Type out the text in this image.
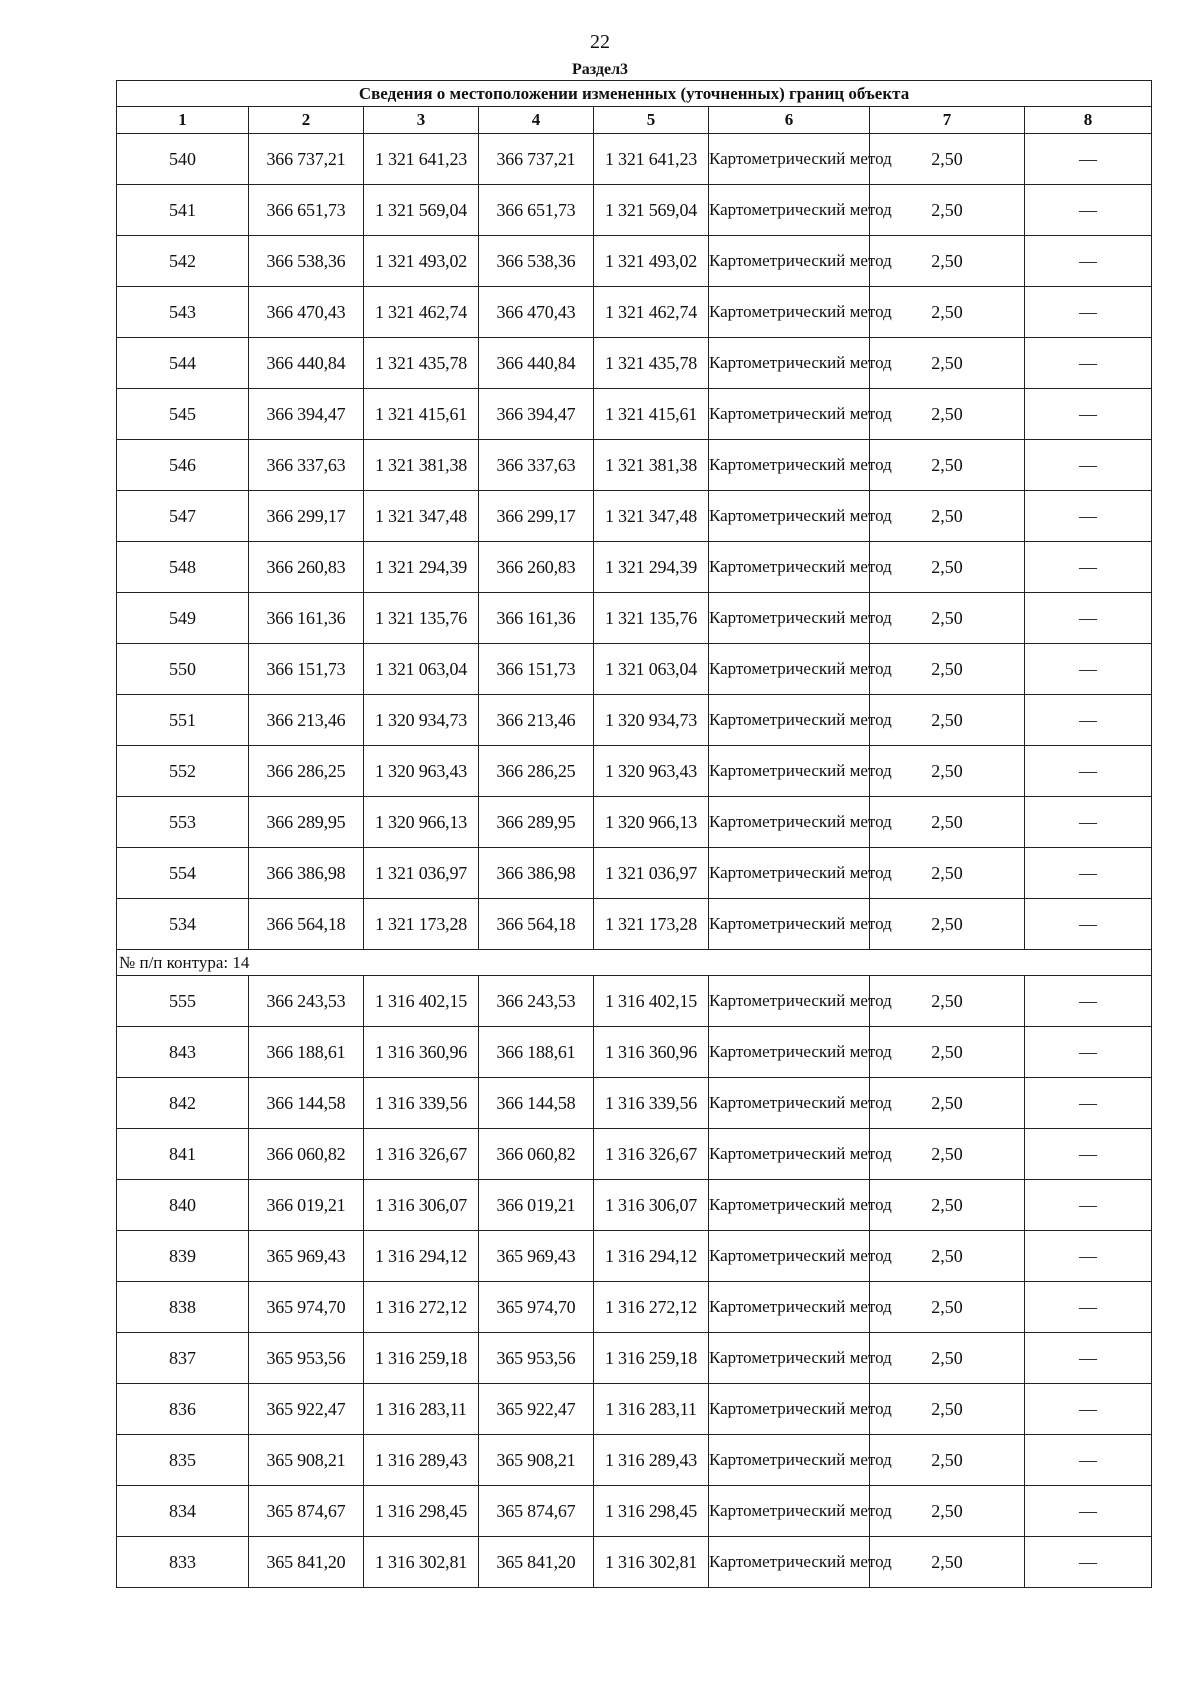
22
Раздел3
Сведения о местоположении измененных (уточненных) границ объекта							
1	2	3	4	5	6	7	8
540	366 737,21	1 321 641,23	366 737,21	1 321 641,23	Картометрический метод	2,50	—
541	366 651,73	1 321 569,04	366 651,73	1 321 569,04	Картометрический метод	2,50	—
542	366 538,36	1 321 493,02	366 538,36	1 321 493,02	Картометрический метод	2,50	—
543	366 470,43	1 321 462,74	366 470,43	1 321 462,74	Картометрический метод	2,50	—
544	366 440,84	1 321 435,78	366 440,84	1 321 435,78	Картометрический метод	2,50	—
545	366 394,47	1 321 415,61	366 394,47	1 321 415,61	Картометрический метод	2,50	—
546	366 337,63	1 321 381,38	366 337,63	1 321 381,38	Картометрический метод	2,50	—
547	366 299,17	1 321 347,48	366 299,17	1 321 347,48	Картометрический метод	2,50	—
548	366 260,83	1 321 294,39	366 260,83	1 321 294,39	Картометрический метод	2,50	—
549	366 161,36	1 321 135,76	366 161,36	1 321 135,76	Картометрический метод	2,50	—
550	366 151,73	1 321 063,04	366 151,73	1 321 063,04	Картометрический метод	2,50	—
551	366 213,46	1 320 934,73	366 213,46	1 320 934,73	Картометрический метод	2,50	—
552	366 286,25	1 320 963,43	366 286,25	1 320 963,43	Картометрический метод	2,50	—
553	366 289,95	1 320 966,13	366 289,95	1 320 966,13	Картометрический метод	2,50	—
554	366 386,98	1 321 036,97	366 386,98	1 321 036,97	Картометрический метод	2,50	—
534	366 564,18	1 321 173,28	366 564,18	1 321 173,28	Картометрический метод	2,50	—
№ п/п контура: 14							
555	366 243,53	1 316 402,15	366 243,53	1 316 402,15	Картометрический метод	2,50	—
843	366 188,61	1 316 360,96	366 188,61	1 316 360,96	Картометрический метод	2,50	—
842	366 144,58	1 316 339,56	366 144,58	1 316 339,56	Картометрический метод	2,50	—
841	366 060,82	1 316 326,67	366 060,82	1 316 326,67	Картометрический метод	2,50	—
840	366 019,21	1 316 306,07	366 019,21	1 316 306,07	Картометрический метод	2,50	—
839	365 969,43	1 316 294,12	365 969,43	1 316 294,12	Картометрический метод	2,50	—
838	365 974,70	1 316 272,12	365 974,70	1 316 272,12	Картометрический метод	2,50	—
837	365 953,56	1 316 259,18	365 953,56	1 316 259,18	Картометрический метод	2,50	—
836	365 922,47	1 316 283,11	365 922,47	1 316 283,11	Картометрический метод	2,50	—
835	365 908,21	1 316 289,43	365 908,21	1 316 289,43	Картометрический метод	2,50	—
834	365 874,67	1 316 298,45	365 874,67	1 316 298,45	Картометрический метод	2,50	—
833	365 841,20	1 316 302,81	365 841,20	1 316 302,81	Картометрический метод	2,50	—
